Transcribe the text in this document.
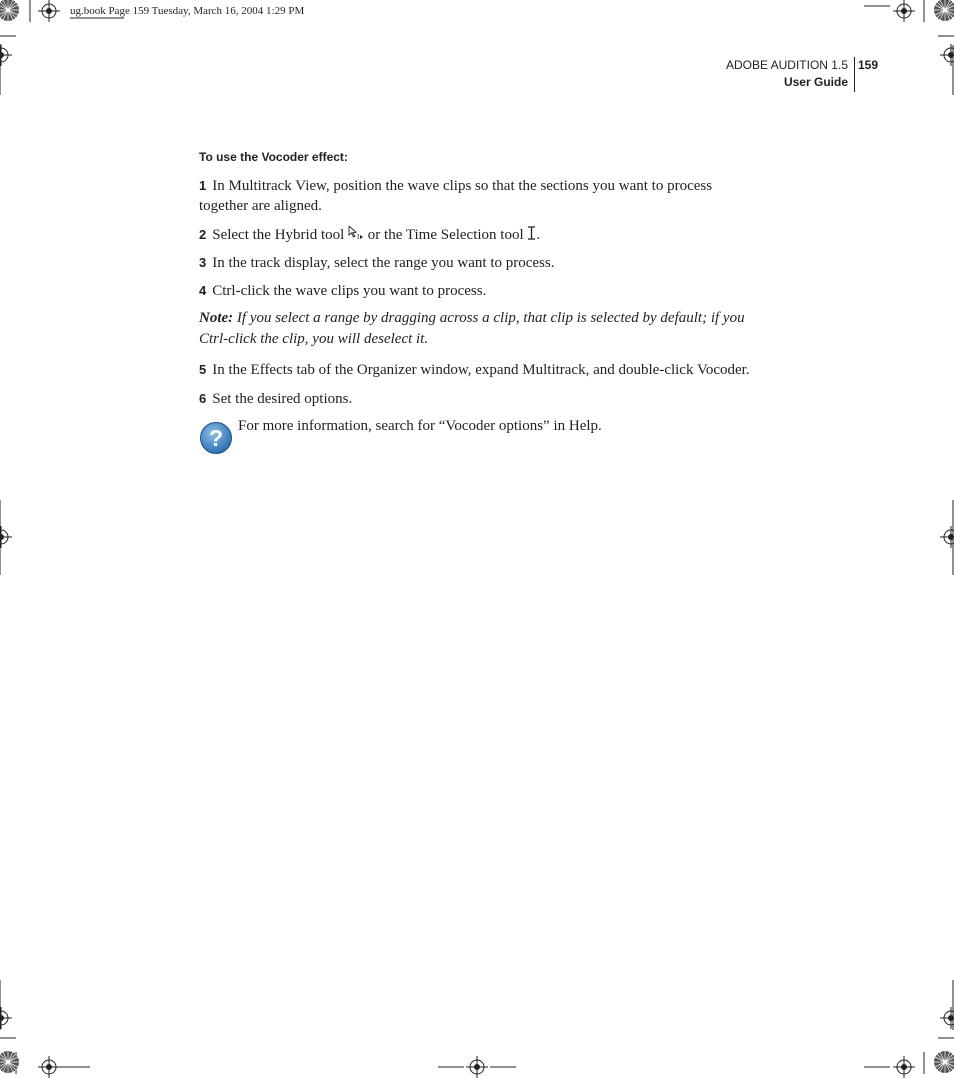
ug.book Page 159 Tuesday, March 16, 2004 1:29 PM
ADOBE AUDITION 1.5
User Guide
159
To use the Vocoder effect:
1 In Multitrack View, position the wave clips so that the sections you want to process together are aligned.
2 Select the Hybrid tool I or the Time Selection tool .
3 In the track display, select the range you want to process.
4 Ctrl-click the wave clips you want to process.
Note: If you select a range by dragging across a clip, that clip is selected by default; if you Ctrl-click the clip, you will deselect it.
5 In the Effects tab of the Organizer window, expand Multitrack, and double-click Vocoder.
6 Set the desired options.
? For more information, search for “Vocoder options” in Help.
